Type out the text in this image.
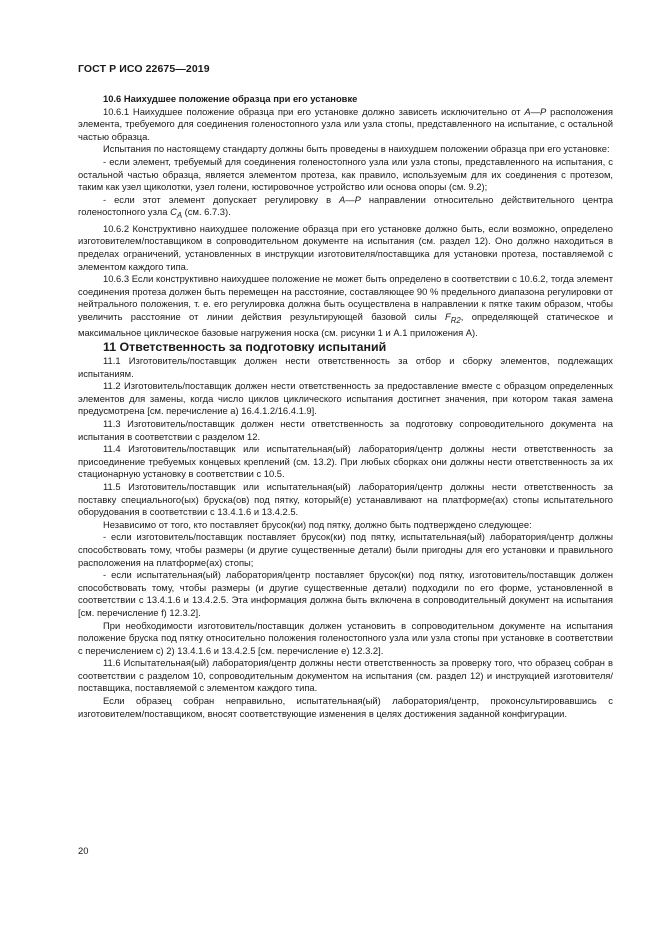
ГОСТ Р ИСО 22675—2019

10.6 Наихудшее положение образца при его установке

10.6.1 Наихудшее положение образца при его установке должно зависеть исключительно от А—Р расположения элемента, требуемого для соединения голеностопного узла или узла стопы, представленного на испытание, с остальной частью образца.

Испытания по настоящему стандарту должны быть проведены в наихудшем положении образца при его установке:

- если элемент, требуемый для соединения голеностопного узла или узла стопы, представленного на испытания, с остальной частью образца, является элементом протеза, как правило, используемым для их соединения с протезом, таким как узел щиколотки, узел голени, юстировочное устройство или основа опоры (см. 9.2);

- если этот элемент допускает регулировку в А—Р направлении относительно действительного центра голеностопного узла $C_A$ (см. 6.7.3).

10.6.2 Конструктивно наихудшее положение образца при его установке должно быть, если возможно, определено изготовителем/поставщиком в сопроводительном документе на испытания (см. раздел 12). Оно должно находиться в пределах ограничений, установленных в инструкции изготовителя/поставщика для установки протеза, поставляемой с элементом каждого типа.

10.6.3 Если конструктивно наихудшее положение не может быть определено в соответствии с 10.6.2, тогда элемент соединения протеза должен быть перемещен на расстояние, составляющее 90 % предельного диапазона регулировки от нейтрального положения, т. е. его регулировка должна быть осуществлена в направлении к пятке таким образом, чтобы увеличить расстояние от линии действия результирующей базовой силы $F_{R2}$, определяющей статическое и максимальное циклическое базовые нагружения носка (см. рисунки 1 и А.1 приложения А).

11 Ответственность за подготовку испытаний

11.1 Изготовитель/поставщик должен нести ответственность за отбор и сборку элементов, подлежащих испытаниям.

11.2 Изготовитель/поставщик должен нести ответственность за предоставление вместе с образцом определенных элементов для замены, когда число циклов циклического испытания достигнет значения, при котором такая замена предусмотрена [см. перечисление a) 16.4.1.2/16.4.1.9].

11.3 Изготовитель/поставщик должен нести ответственность за подготовку сопроводительного документа на испытания в соответствии с разделом 12.

11.4 Изготовитель/поставщик или испытательная(ый) лаборатория/центр должны нести ответственность за присоединение требуемых концевых креплений (см. 13.2). При любых сборках они должны нести ответственность за их стационарную установку в соответствии с 10.5.

11.5 Изготовитель/поставщик или испытательная(ый) лаборатория/центр должны нести ответственность за поставку специального(ых) бруска(ов) под пятку, который(е) устанавливают на платформе(ах) стопы испытательного оборудования в соответствии с 13.4.1.6 и 13.4.2.5.

Независимо от того, кто поставляет брусок(ки) под пятку, должно быть подтверждено следующее:

- если изготовитель/поставщик поставляет брусок(ки) под пятку, испытательная(ый) лаборатория/центр должны способствовать тому, чтобы размеры (и другие существенные детали) были пригодны для его установки и правильного расположения на платформе(ах) стопы;

- если испытательная(ый) лаборатория/центр поставляет брусок(ки) под пятку, изготовитель/поставщик должен способствовать тому, чтобы размеры (и другие существенные детали) подходили по его форме, установленной в соответствии с 13.4.1.6 и 13.4.2.5. Эта информация должна быть включена в сопроводительный документ на испытания [см. перечисление f) 12.3.2].

При необходимости изготовитель/поставщик должен установить в сопроводительном документе на испытания положение бруска под пятку относительно положения голеностопного узла или узла стопы при установке в соответствии с перечислением c) 2) 13.4.1.6 и 13.4.2.5 [см. перечисление e) 12.3.2].

11.6 Испытательная(ый) лаборатория/центр должны нести ответственность за проверку того, что образец собран в соответствии с разделом 10, сопроводительным документом на испытания (см. раздел 12) и инструкцией изготовителя/поставщика, поставляемой с элементом каждого типа.

Если образец собран неправильно, испытательная(ый) лаборатория/центр, проконсультировавшись с изготовителем/поставщиком, вносят соответствующие изменения в целях достижения заданной конфигурации.

20
